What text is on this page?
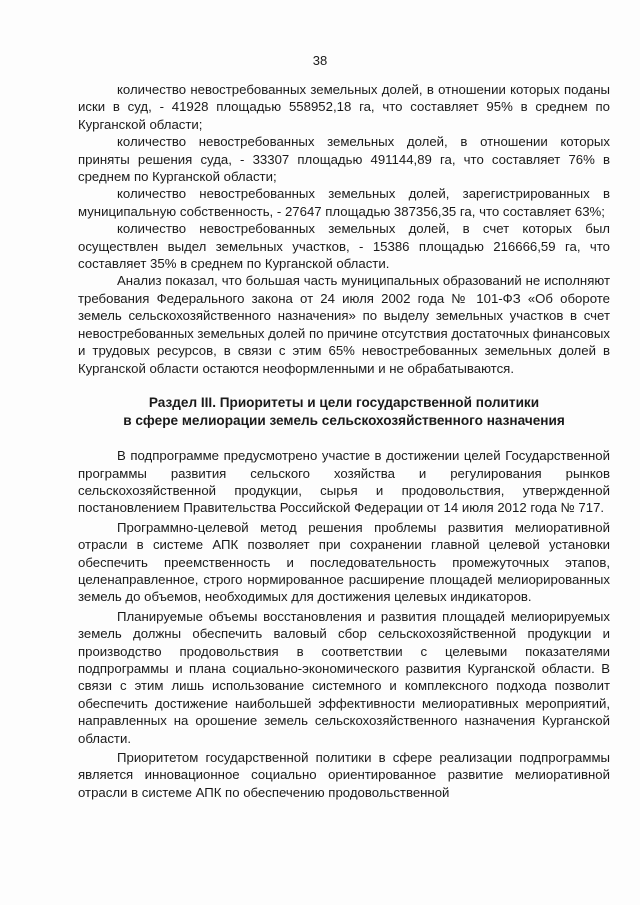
38

количество невостребованных земельных долей, в отношении которых поданы иски в суд, - 41928 площадью 558952,18 га, что составляет 95% в среднем по Курганской области;

количество невостребованных земельных долей, в отношении которых приняты решения суда, - 33307 площадью 491144,89 га, что составляет 76% в среднем по Курганской области;

количество невостребованных земельных долей, зарегистрированных в муниципальную собственность, - 27647 площадью 387356,35 га, что составляет 63%;

количество невостребованных земельных долей, в счет которых был осуществлен выдел земельных участков, - 15386 площадью 216666,59 га, что составляет 35% в среднем по Курганской области.

Анализ показал, что большая часть муниципальных образований не исполняют требования Федерального закона от 24 июля 2002 года № 101-ФЗ «Об обороте земель сельскохозяйственного назначения» по выделу земельных участков в счет невостребованных земельных долей по причине отсутствия достаточных финансовых и трудовых ресурсов, в связи с этим 65% невостребованных земельных долей в Курганской области остаются неоформленными и не обрабатываются.

Раздел III. Приоритеты и цели государственной политики
в сфере мелиорации земель сельскохозяйственного назначения

В подпрограмме предусмотрено участие в достижении целей Государственной программы развития сельского хозяйства и регулирования рынков сельскохозяйственной продукции, сырья и продовольствия, утвержденной постановлением Правительства Российской Федерации от 14 июля 2012 года № 717.

Программно-целевой метод решения проблемы развития мелиоративной отрасли в системе АПК позволяет при сохранении главной целевой установки обеспечить преемственность и последовательность промежуточных этапов, целенаправленное, строго нормированное расширение площадей мелиорированных земель до объемов, необходимых для достижения целевых индикаторов.

Планируемые объемы восстановления и развития площадей мелиорируемых земель должны обеспечить валовый сбор сельскохозяйственной продукции и производство продовольствия в соответствии с целевыми показателями подпрограммы и плана социально-экономического развития Курганской области. В связи с этим лишь использование системного и комплексного подхода позволит обеспечить достижение наибольшей эффективности мелиоративных мероприятий, направленных на орошение земель сельскохозяйственного назначения Курганской области.

Приоритетом государственной политики в сфере реализации подпрограммы является инновационное социально ориентированное развитие мелиоративной отрасли в системе АПК по обеспечению продовольственной
